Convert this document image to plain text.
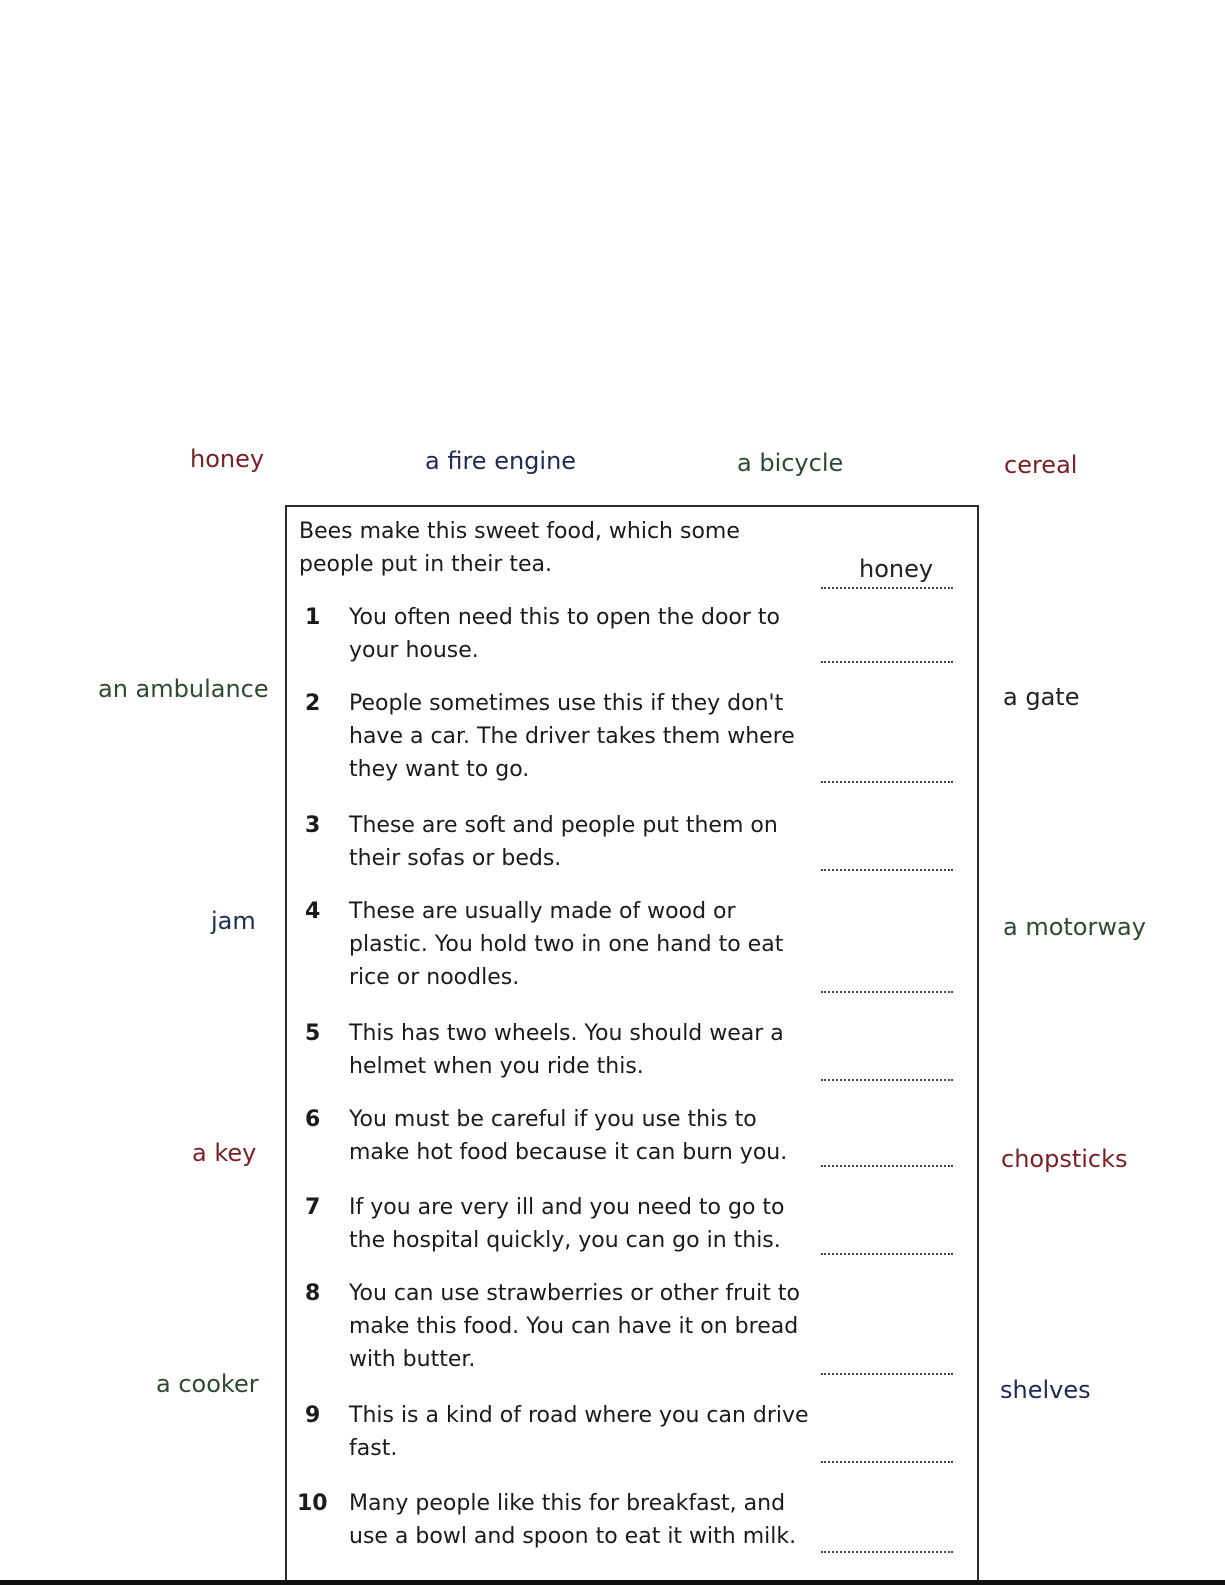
honey	a fire engine	a bicycle	cereal
an ambulance	a gate
jam	a motorway
a key	chopsticks
a cooker	shelves

Bees make this sweet food, which some people put in their tea.	honey
1 You often need this to open the door to your house.

2 People sometimes use this if they don't have a car. The driver takes them where they want to go.

3 These are soft and people put them on their sofas or beds.

4 These are usually made of wood or plastic. You hold two in one hand to eat rice or noodles.

5 This has two wheels. You should wear a helmet when you ride this.

6 You must be careful if you use this to make hot food because it can burn you.

7 If you are very ill and you need to go to the hospital quickly, you can go in this.

8 You can use strawberries or other fruit to make this food. You can have it on bread with butter.

9 This is a kind of road where you can drive fast.

10 Many people like this for breakfast, and use a bowl and spoon to eat it with milk.
